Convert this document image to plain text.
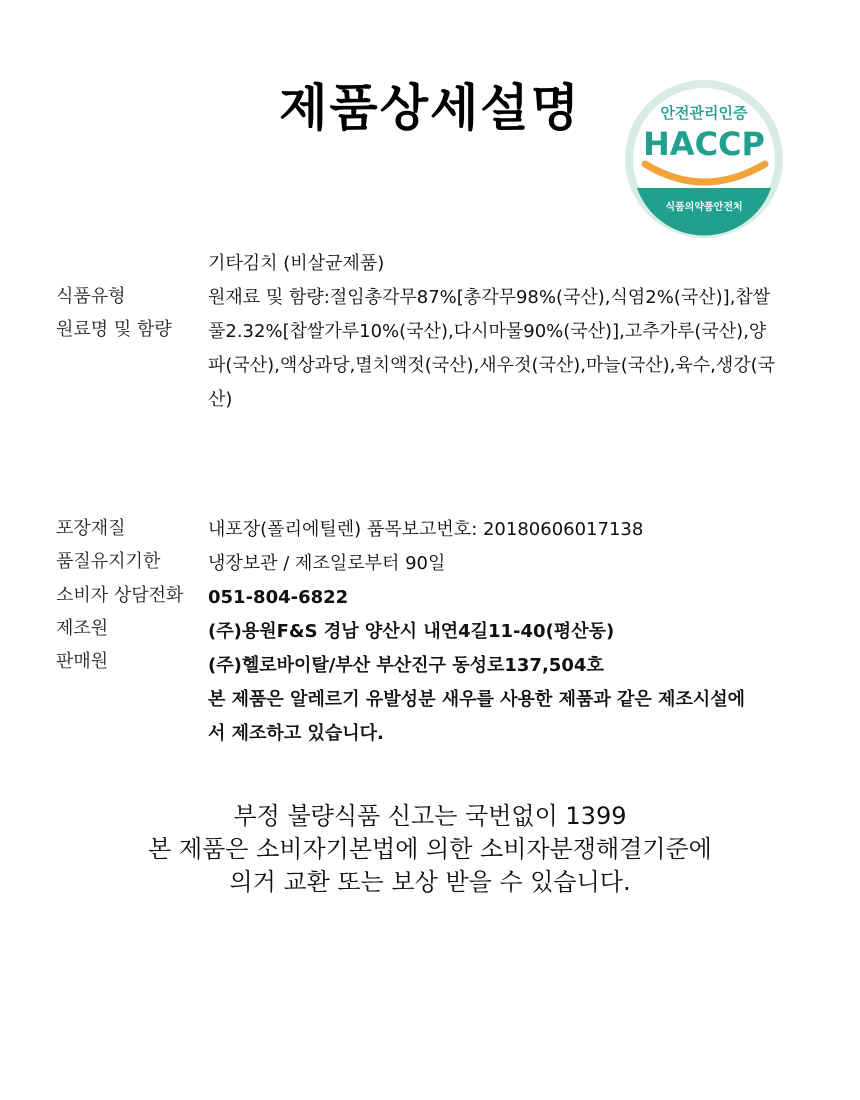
제품상세설명	안전관리인증
HACCP
식품의약품안전처
식품유형
원료명 및 함량
기타김치 (비살균제품)
원재료 및 함량:절임총각무87%[총각무98%(국산),식염2%(국산)],찹쌀
풀2.32%[찹쌀가루10%(국산),다시마물90%(국산)],고추가루(국산),양
파(국산),액상과당,멸치액젓(국산),새우젓(국산),마늘(국산),육수,생강(국
산)
포장재질
품질유지기한
소비자 상담전화
제조원
판매원
내포장(폴리에틸렌) 품목보고번호: 20180606017138
냉장보관 / 제조일로부터 90일
051-804-6822
(주)용원F&S 경남 양산시 내연4길11-40(평산동)
(주)헬로바이탈/부산 부산진구 동성로137,504호
본 제품은 알레르기 유발성분 새우를 사용한 제품과 같은 제조시설에
서 제조하고 있습니다.
부정 불량식품 신고는 국번없이 1399
본 제품은 소비자기본법에 의한 소비자분쟁해결기준에
의거 교환 또는 보상 받을 수 있습니다.
